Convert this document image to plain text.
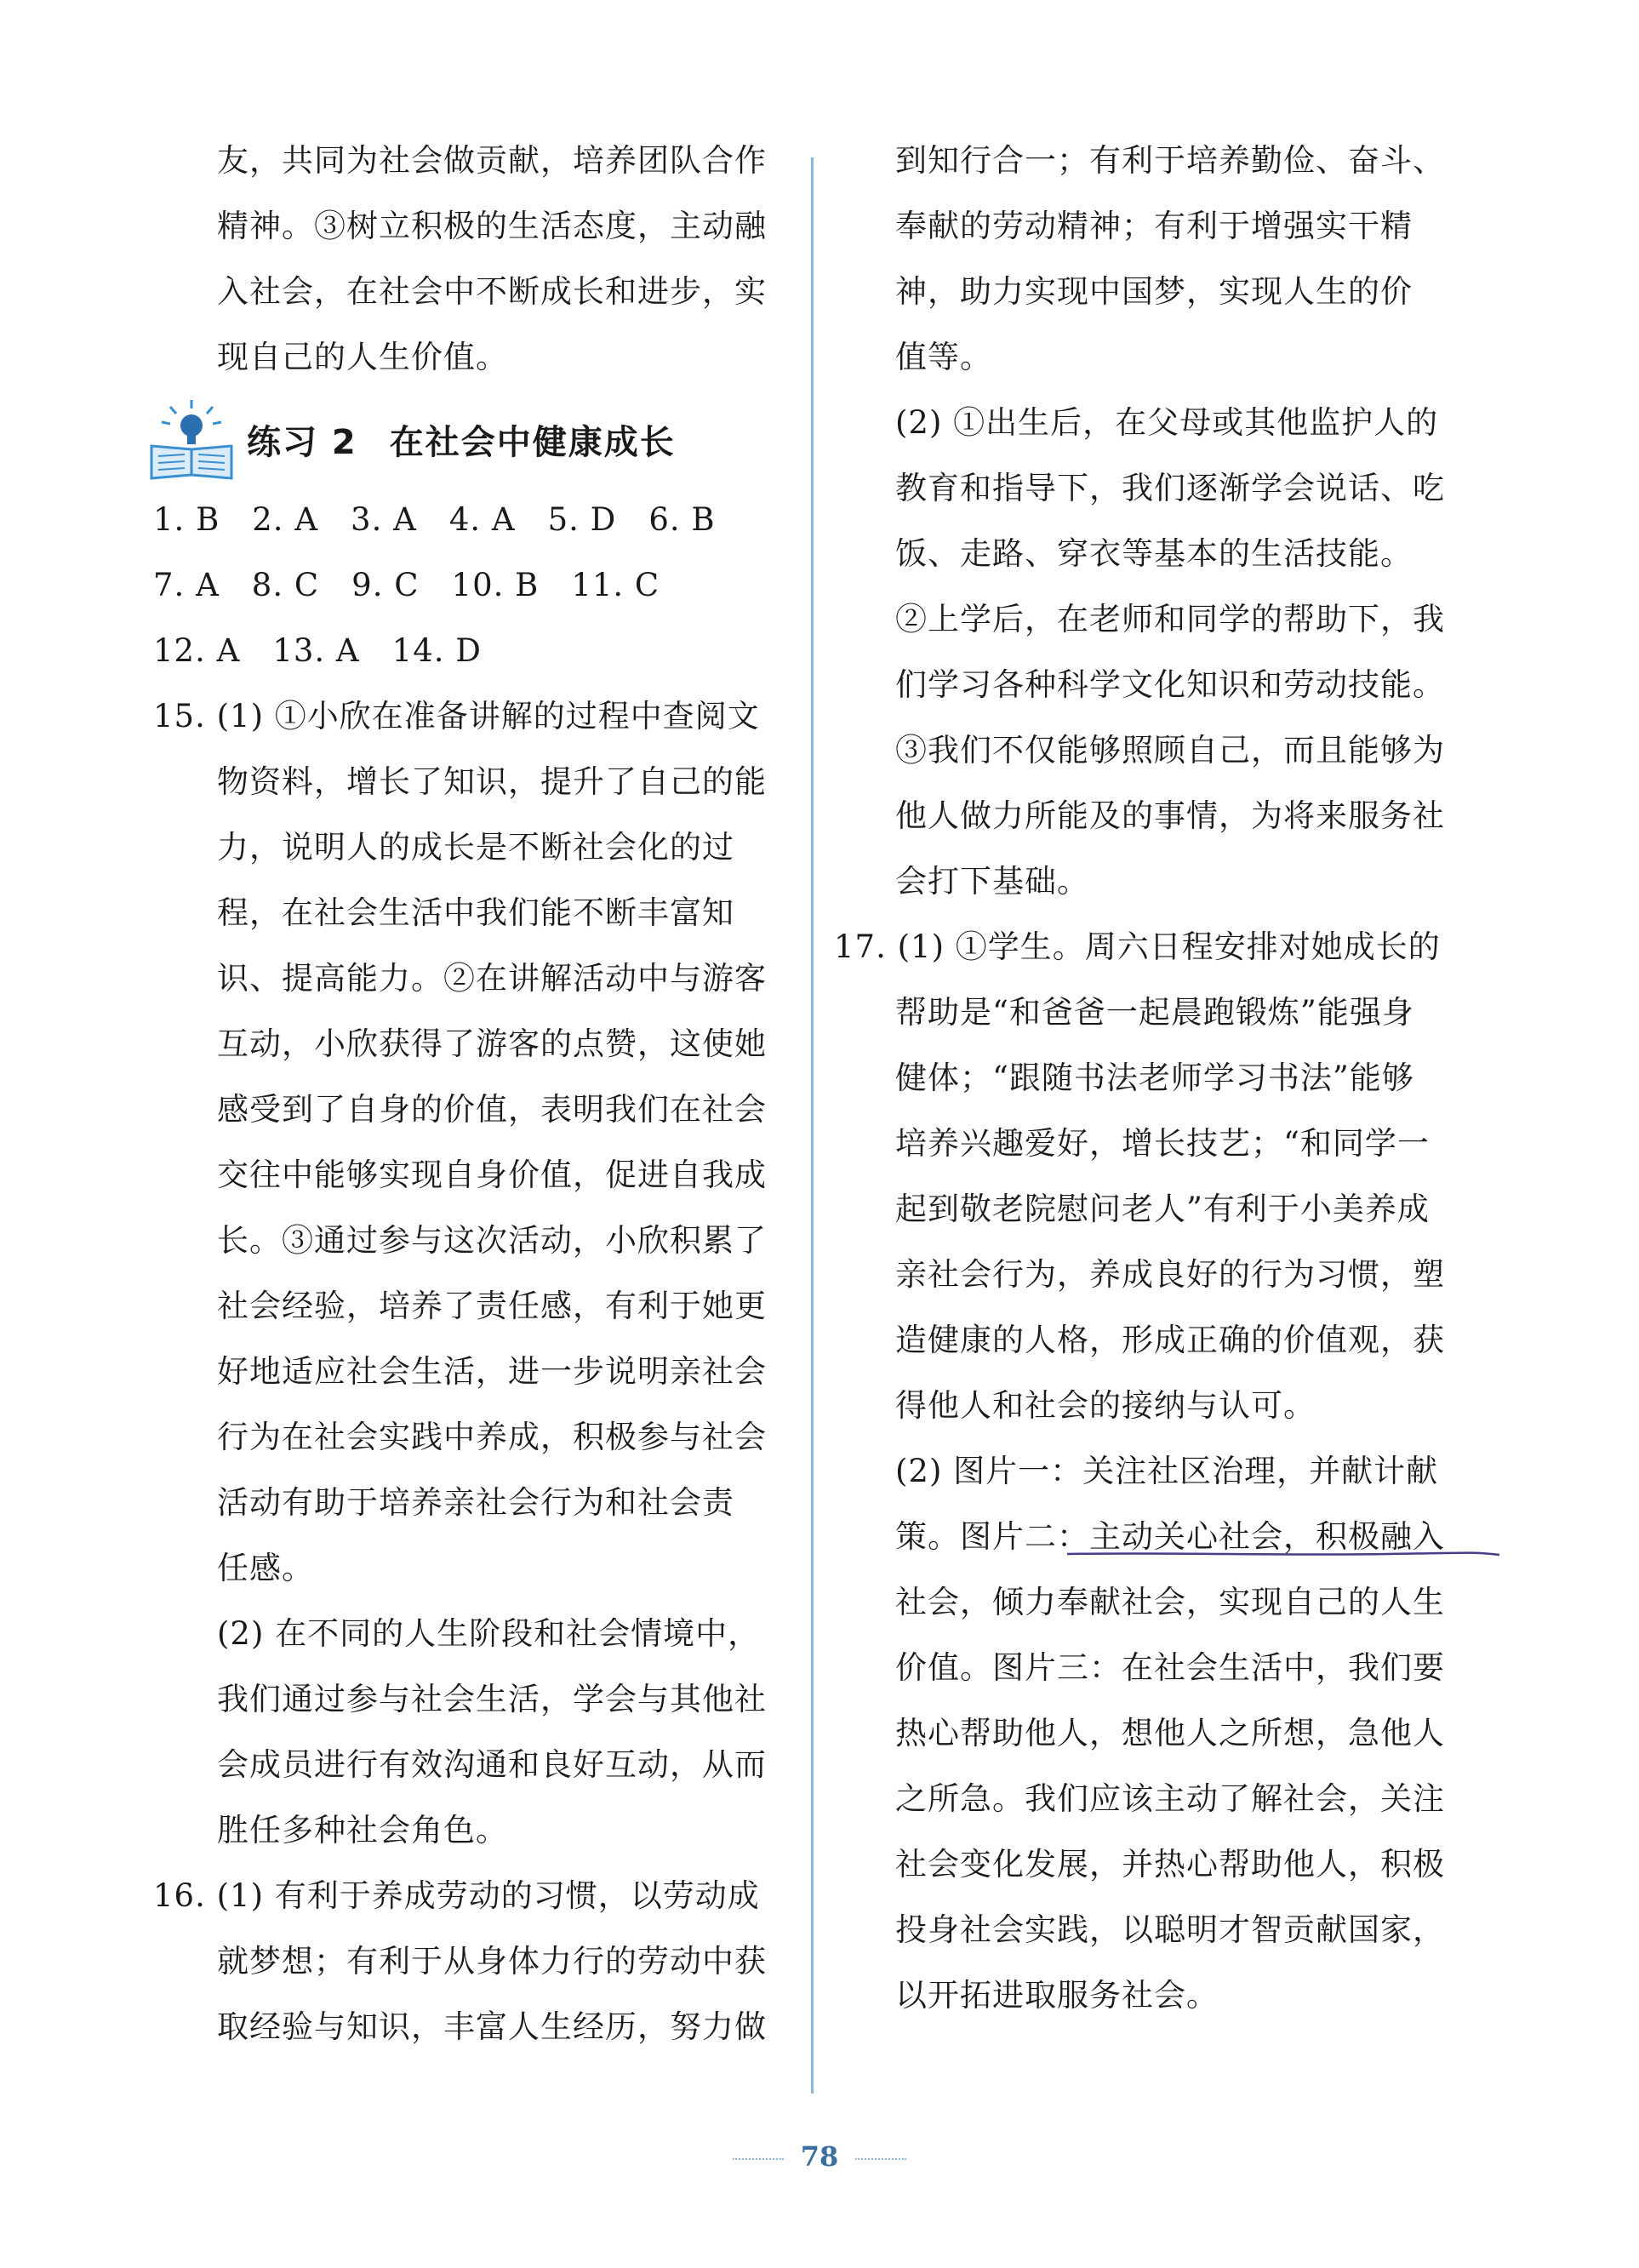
友，共同为社会做贡献，培养团队合作
精神。③树立积极的生活态度，主动融
入社会，在社会中不断成长和进步，实
现自己的人生价值。
练习 2 在社会中健康成长
1. B　2. A　3. A　4. A　5. D　6. B
7. A　8. C　9. C　10. B　11. C
12. A　13. A　14. D
15. (1) ①小欣在准备讲解的过程中查阅文
物资料，增长了知识，提升了自己的能
力，说明人的成长是不断社会化的过
程，在社会生活中我们能不断丰富知
识、提高能力。②在讲解活动中与游客
互动，小欣获得了游客的点赞，这使她
感受到了自身的价值，表明我们在社会
交往中能够实现自身价值，促进自我成
长。③通过参与这次活动，小欣积累了
社会经验，培养了责任感，有利于她更
好地适应社会生活，进一步说明亲社会
行为在社会实践中养成，积极参与社会
活动有助于培养亲社会行为和社会责
任感。
(2) 在不同的人生阶段和社会情境中，
我们通过参与社会生活，学会与其他社
会成员进行有效沟通和良好互动，从而
胜任多种社会角色。
16. (1) 有利于养成劳动的习惯，以劳动成
就梦想；有利于从身体力行的劳动中获
取经验与知识，丰富人生经历，努力做
到知行合一；有利于培养勤俭、奋斗、
奉献的劳动精神；有利于增强实干精
神，助力实现中国梦，实现人生的价
值等。
(2) ①出生后，在父母或其他监护人的
教育和指导下，我们逐渐学会说话、吃
饭、走路、穿衣等基本的生活技能。
②上学后，在老师和同学的帮助下，我
们学习各种科学文化知识和劳动技能。
③我们不仅能够照顾自己，而且能够为
他人做力所能及的事情，为将来服务社
会打下基础。
17. (1) ①学生。周六日程安排对她成长的
帮助是“和爸爸一起晨跑锻炼”能强身
健体；“跟随书法老师学习书法”能够
培养兴趣爱好，增长技艺；“和同学一
起到敬老院慰问老人”有利于小美养成
亲社会行为，养成良好的行为习惯，塑
造健康的人格，形成正确的价值观，获
得他人和社会的接纳与认可。
(2) 图片一：关注社区治理，并献计献
策。图片二：主动关心社会，积极融入
社会，倾力奉献社会，实现自己的人生
价值。图片三：在社会生活中，我们要
热心帮助他人，想他人之所想，急他人
之所急。我们应该主动了解社会，关注
社会变化发展，并热心帮助他人，积极
投身社会实践，以聪明才智贡献国家，
以开拓进取服务社会。
78
